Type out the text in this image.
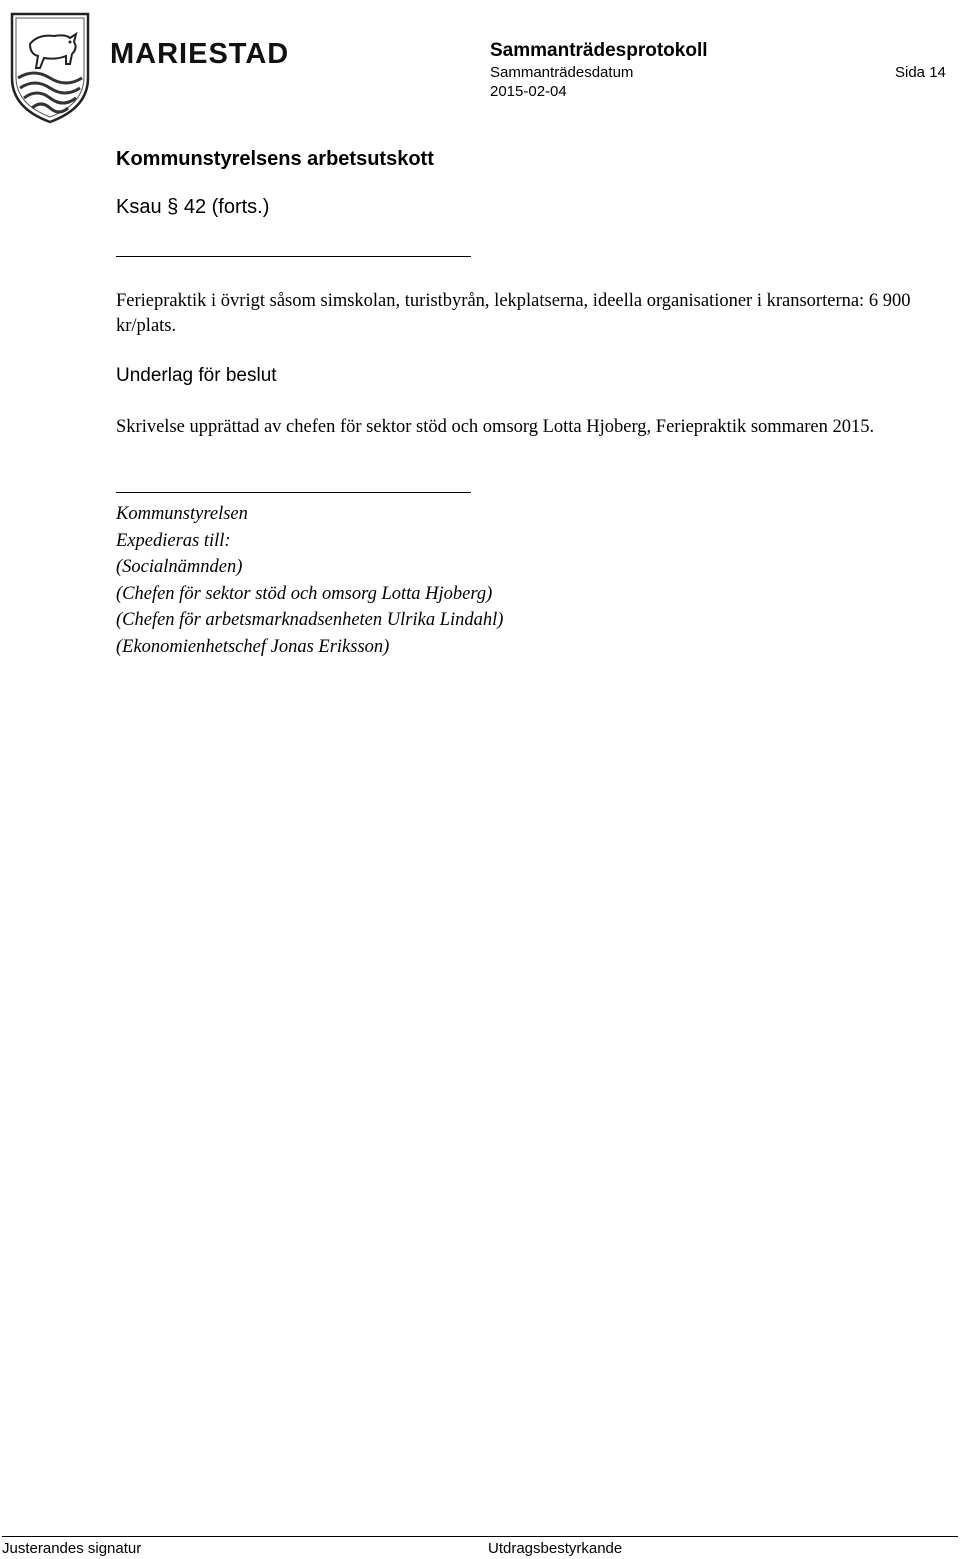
MARIESTAD	Sammanträdesprotokoll
Sammanträdesdatum
2015-02-04
Sida 14
Kommunstyrelsens arbetsutskott
Ksau § 42 (forts.)
Feriepraktik i övrigt såsom simskolan, turistbyrån, lekplatserna, ideella organisationer i kransorterna: 6 900 kr/plats.
Underlag för beslut
Skrivelse upprättad av chefen för sektor stöd och omsorg Lotta Hjoberg, Feriepraktik sommaren 2015.
Kommunstyrelsen
Expedieras till:
(Socialnämnden)
(Chefen för sektor stöd och omsorg Lotta Hjoberg)
(Chefen för arbetsmarknadsenheten Ulrika Lindahl)
(Ekonomienhetschef Jonas Eriksson)
Justerandes signatur	Utdragsbestyrkande
